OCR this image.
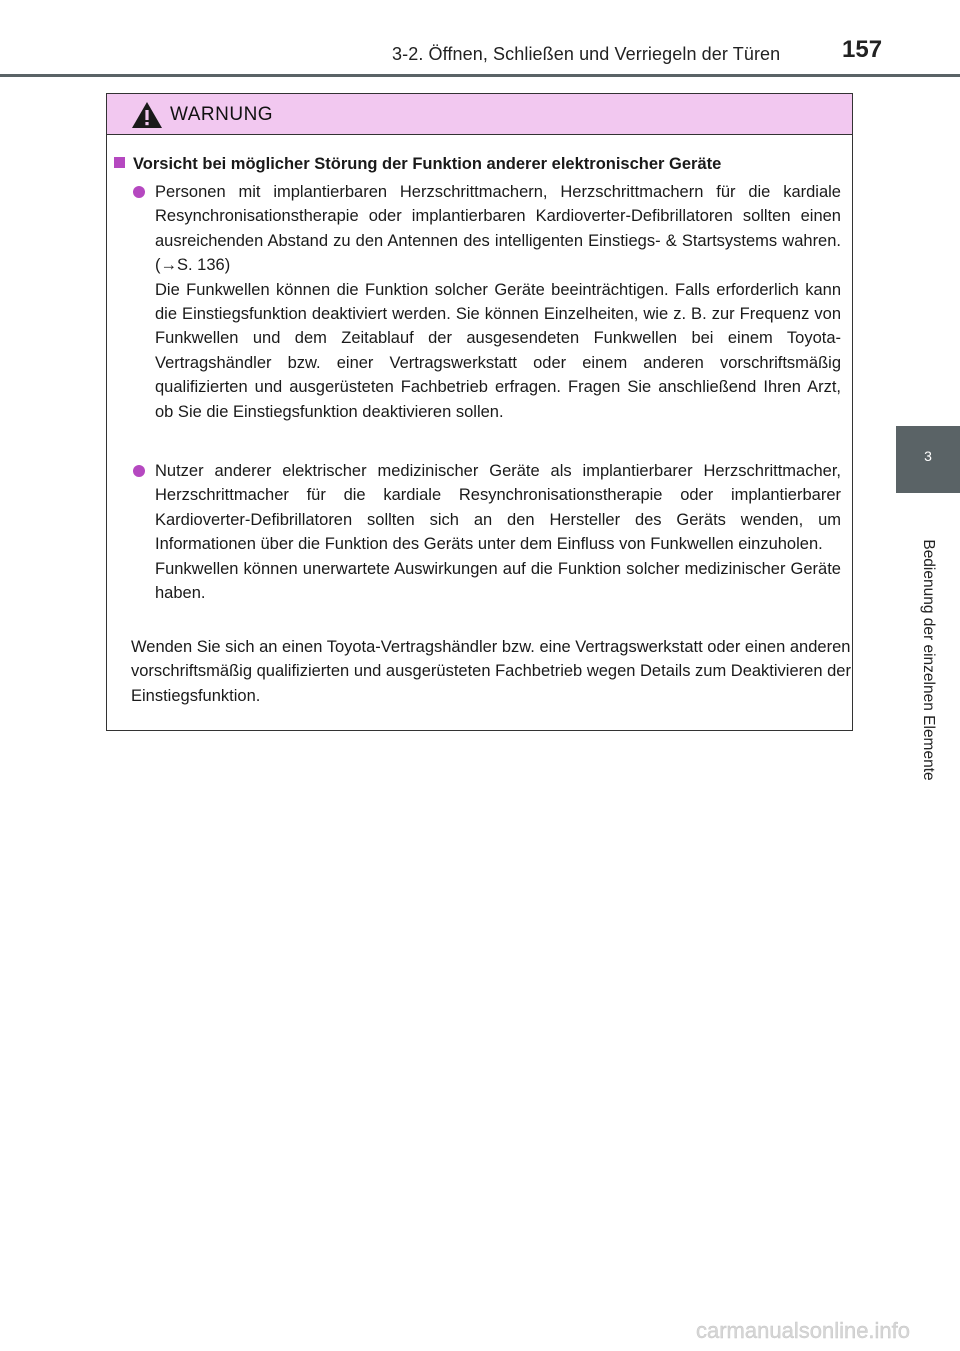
3-2. Öffnen, Schließen und Verriegeln der Türen	157
3
Bedienung der einzelnen Elemente
WARNUNG
Vorsicht bei möglicher Störung der Funktion anderer elektronischer Geräte

Personen mit implantierbaren Herzschrittmachern, Herzschrittmachern für die kardiale Resynchronisationstherapie oder implantierbaren Kardioverter-Defibrillatoren sollten einen ausreichenden Abstand zu den Antennen des intelligenten Einstiegs- & Startsystems wahren. (→S. 136)

Die Funkwellen können die Funktion solcher Geräte beeinträchtigen. Falls erforderlich kann die Einstiegsfunktion deaktiviert werden. Sie können Einzelheiten, wie z. B. zur Frequenz von Funkwellen und dem Zeitablauf der ausgesendeten Funkwellen bei einem Toyota-Vertragshändler bzw. einer Vertragswerkstatt oder einem anderen vorschriftsmäßig qualifizierten und ausgerüsteten Fachbetrieb erfragen. Fragen Sie anschließend Ihren Arzt, ob Sie die Einstiegsfunktion deaktivieren sollen.

Nutzer anderer elektrischer medizinischer Geräte als implantierbarer Herzschrittmacher, Herzschrittmacher für die kardiale Resynchronisationstherapie oder implantierbarer Kardioverter-Defibrillatoren sollten sich an den Hersteller des Geräts wenden, um Informationen über die Funktion des Geräts unter dem Einfluss von Funkwellen einzuholen.

Funkwellen können unerwartete Auswirkungen auf die Funktion solcher medizinischer Geräte haben.

Wenden Sie sich an einen Toyota-Vertragshändler bzw. eine Vertragswerkstatt oder einen anderen vorschriftsmäßig qualifizierten und ausgerüsteten Fachbetrieb wegen Details zum Deaktivieren der Einstiegsfunktion.
carmanualsonline.info
